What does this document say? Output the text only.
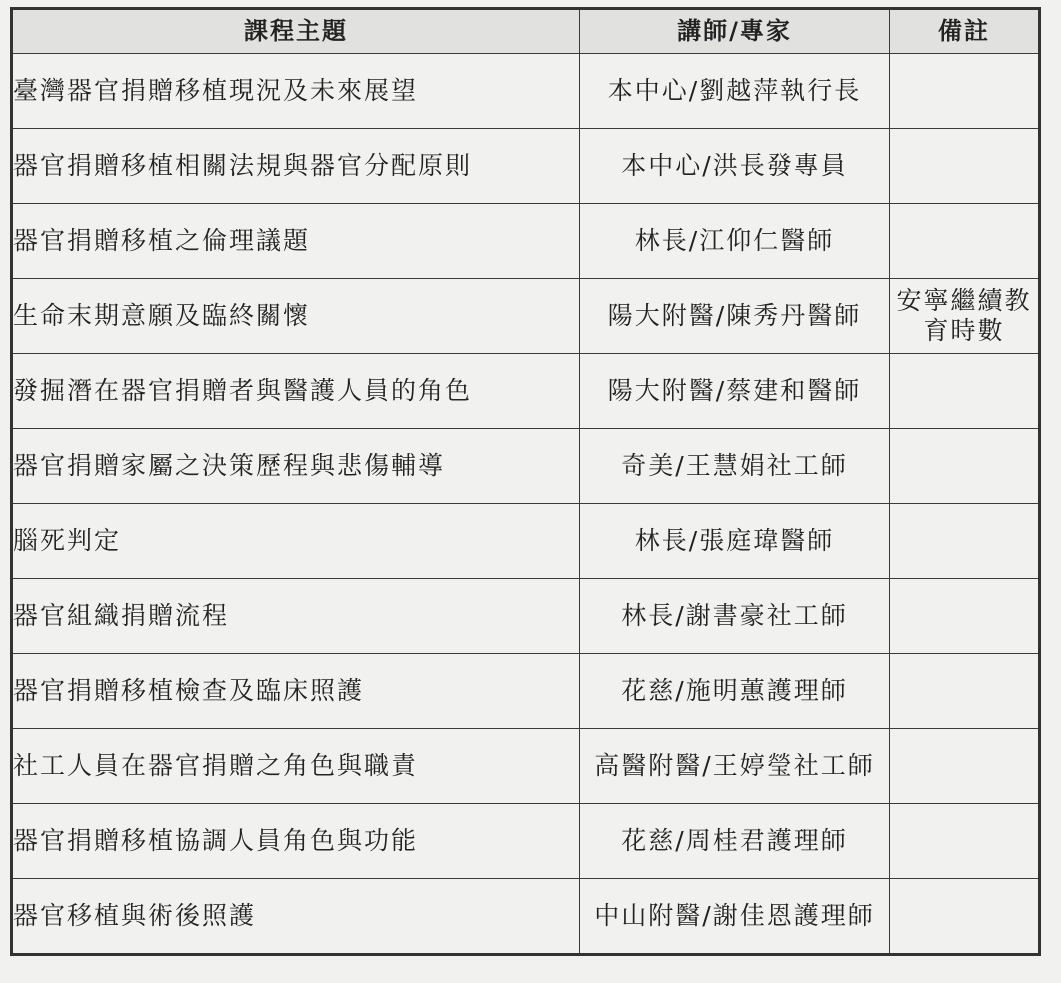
課程主題	講師/專家	備註
臺灣器官捐贈移植現況及未來展望	本中心/劉越萍執行長	
器官捐贈移植相關法規與器官分配原則	本中心/洪長發專員	
器官捐贈移植之倫理議題	林長/江仰仁醫師	
生命末期意願及臨終關懷	陽大附醫/陳秀丹醫師	安寧繼續教育時數
發掘潛在器官捐贈者與醫護人員的角色	陽大附醫/蔡建和醫師	
器官捐贈家屬之決策歷程與悲傷輔導	奇美/王慧娟社工師	
腦死判定	林長/張庭瑋醫師	
器官組織捐贈流程	林長/謝書豪社工師	
器官捐贈移植檢查及臨床照護	花慈/施明蕙護理師	
社工人員在器官捐贈之角色與職責	高醫附醫/王婷瑩社工師	
器官捐贈移植協調人員角色與功能	花慈/周桂君護理師	
器官移植與術後照護	中山附醫/謝佳恩護理師	
